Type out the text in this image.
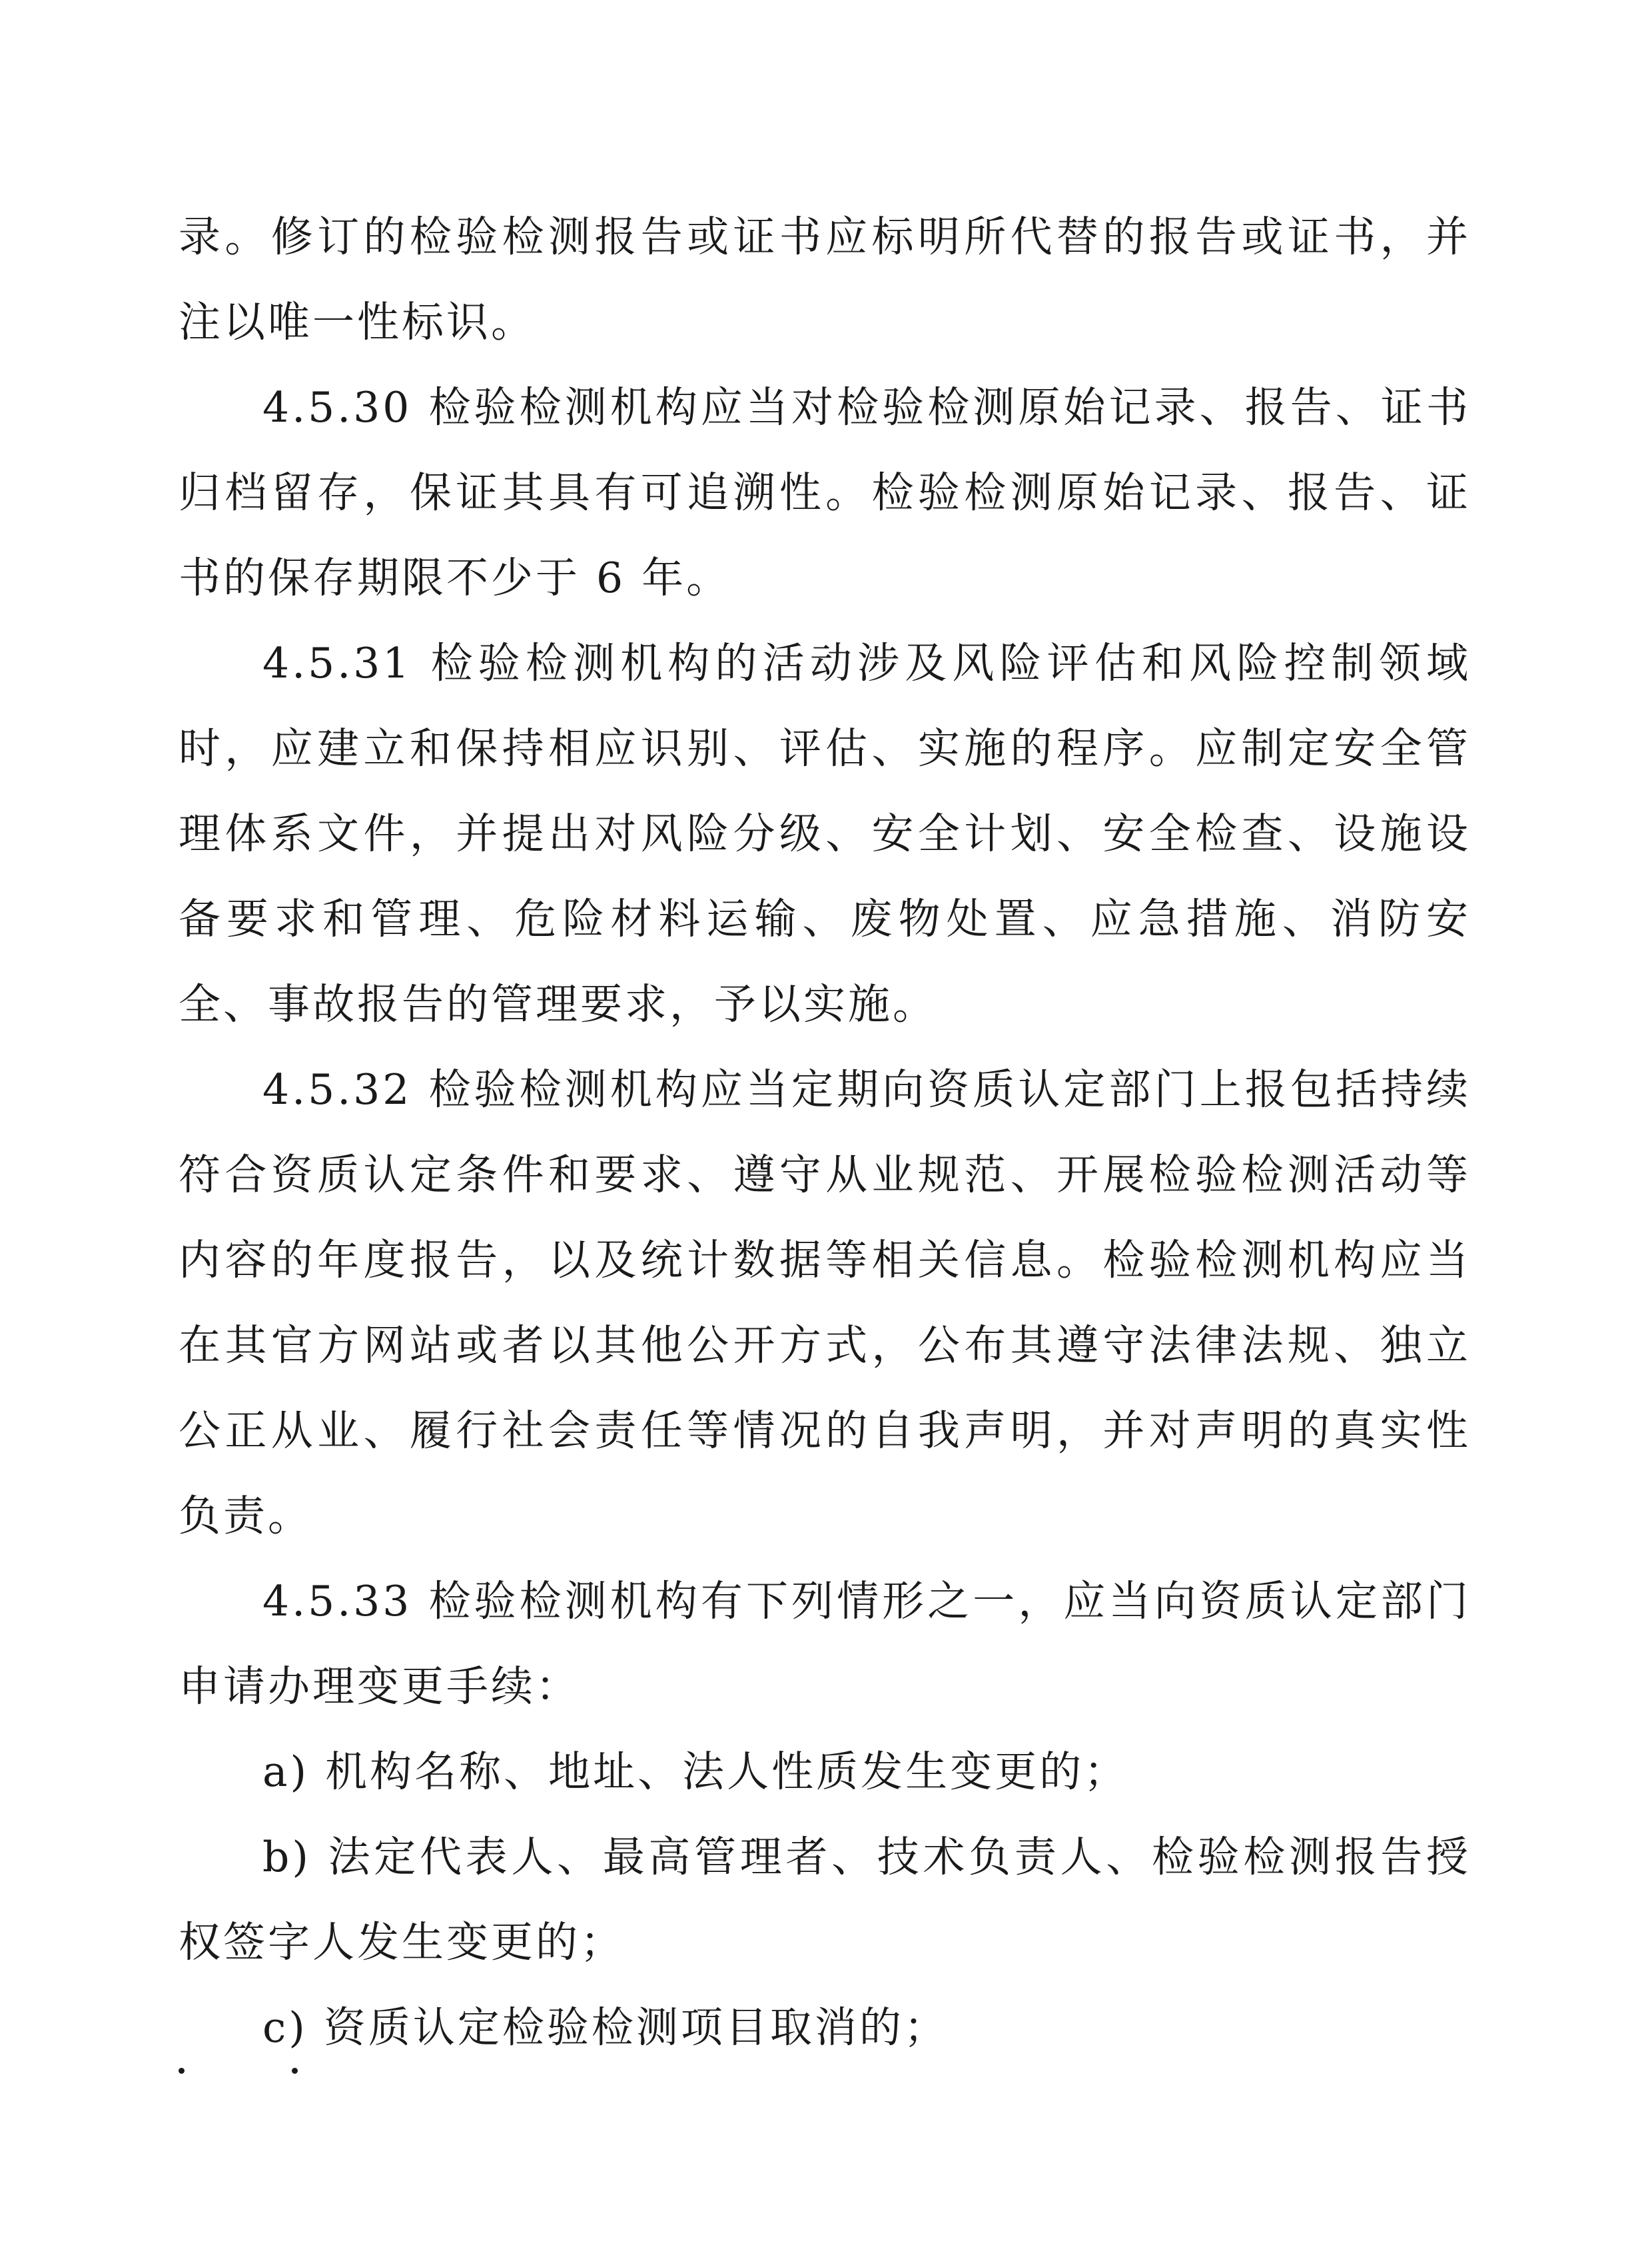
录。修订的检验检测报告或证书应标明所代替的报告或证书，并注以唯一性标识。

4.5.30 检验检测机构应当对检验检测原始记录、报告、证书归档留存，保证其具有可追溯性。检验检测原始记录、报告、证书的保存期限不少于 6 年。

4.5.31 检验检测机构的活动涉及风险评估和风险控制领域时，应建立和保持相应识别、评估、实施的程序。应制定安全管理体系文件，并提出对风险分级、安全计划、安全检查、设施设备要求和管理、危险材料运输、废物处置、应急措施、消防安全、事故报告的管理要求，予以实施。

4.5.32 检验检测机构应当定期向资质认定部门上报包括持续符合资质认定条件和要求、遵守从业规范、开展检验检测活动等内容的年度报告，以及统计数据等相关信息。检验检测机构应当在其官方网站或者以其他公开方式，公布其遵守法律法规、独立公正从业、履行社会责任等情况的自我声明，并对声明的真实性负责。

4.5.33 检验检测机构有下列情形之一，应当向资质认定部门申请办理变更手续：

a) 机构名称、地址、法人性质发生变更的；

b) 法定代表人、最高管理者、技术负责人、检验检测报告授权签字人发生变更的；

c) 资质认定检验检测项目取消的；
